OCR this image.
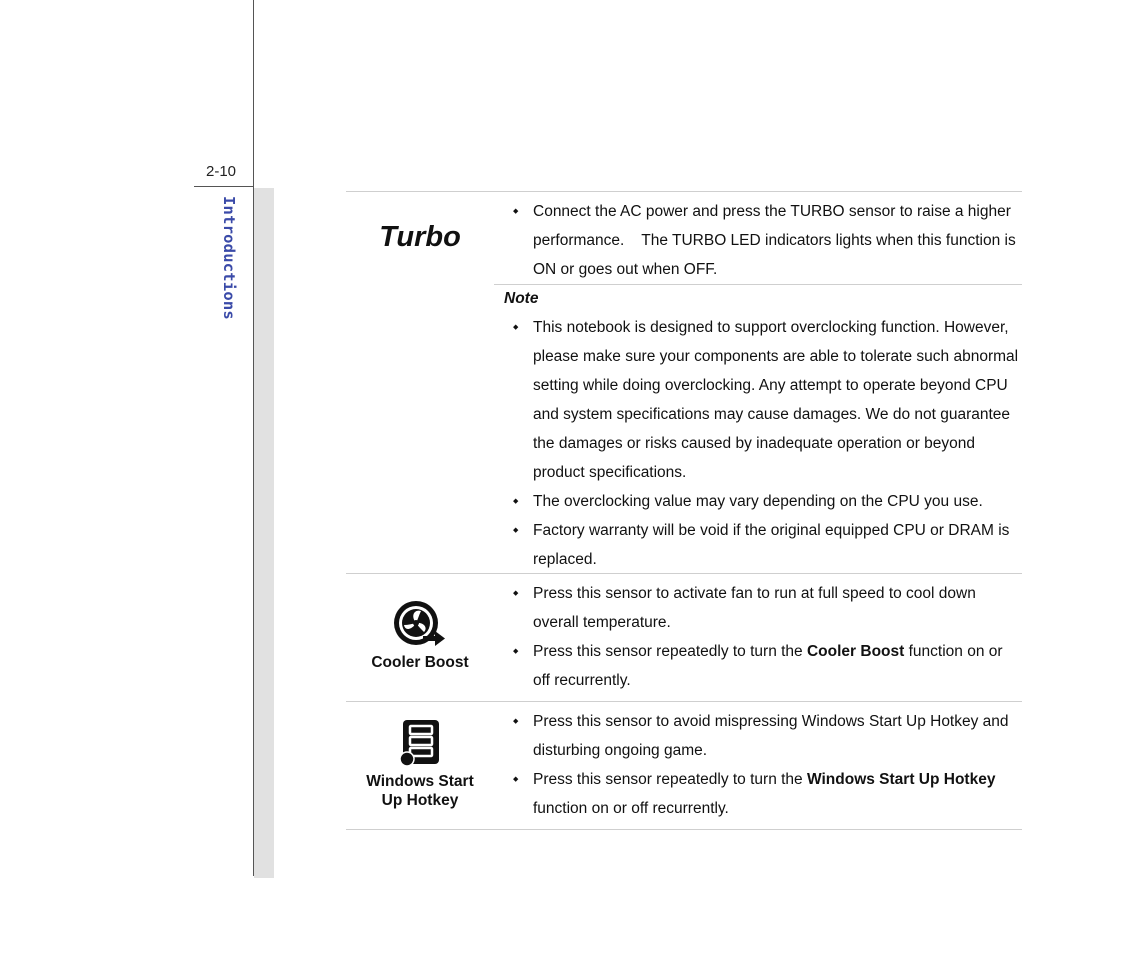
2-10
Introductions	Turbo
◆ Connect the AC power and press the TURBO sensor to raise a higher performance.    The TURBO LED indicators lights when this function is ON or goes out when OFF.
Note
◆ This notebook is designed to support overclocking function. However, please make sure your components are able to tolerate such abnormal setting while doing overclocking. Any attempt to operate beyond CPU and system specifications may cause damages. We do not guarantee the damages or risks caused by inadequate operation or beyond product specifications.
◆ The overclocking value may vary depending on the CPU you use.
◆ Factory warranty will be void if the original equipped CPU or DRAM is replaced.
Cooler Boost
◆ Press this sensor to activate fan to run at full speed to cool down overall temperature.
◆ Press this sensor repeatedly to turn the Cooler Boost function on or off recurrently.
Windows Start Up Hotkey
◆ Press this sensor to avoid mispressing Windows Start Up Hotkey and disturbing ongoing game.
◆ Press this sensor repeatedly to turn the Windows Start Up Hotkey function on or off recurrently.
